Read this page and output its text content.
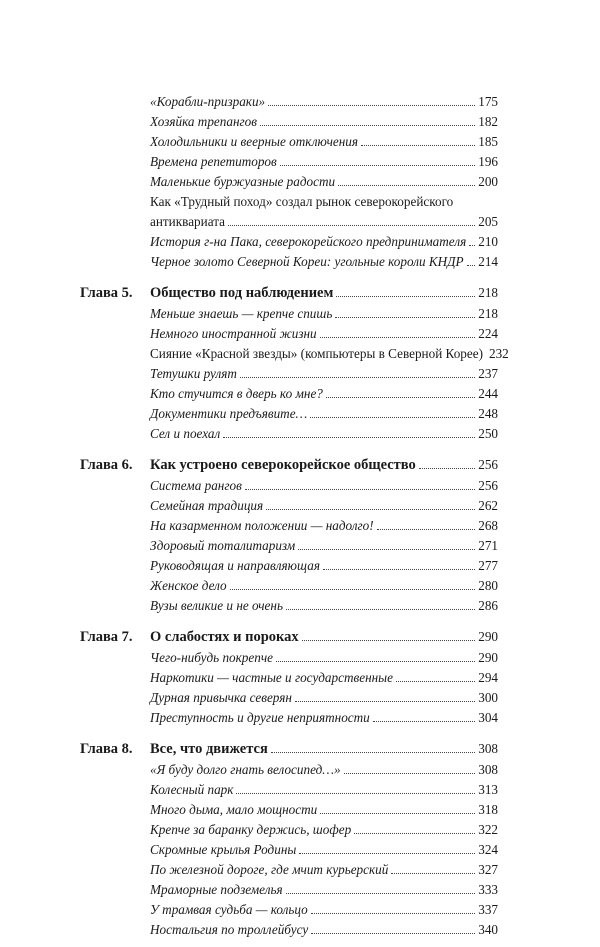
«Корабли-призраки»	175
Хозяйка трепангов	182
Холодильники и веерные отключения	185
Времена репетиторов	196
Маленькие буржуазные радости	200
Как «Трудный поход» создал рынок северокорейского
антиквариата	205
История г-на Пака, северокорейского предпринимателя 210
Черное золото Северной Кореи: угольные короли КНДР 214
Глава 5.	Общество под наблюдением	218
Меньше знаешь — крепче спишь	218
Немного иностранной жизни	224
Сияние «Красной звезды» (компьютеры в Северной Корее) 232
Тетушки рулят	237
Кто стучится в дверь ко мне?	244
Документики предъявите…	248
Сел и поехал	250
Глава 6.	Как устроено северокорейское общество	256
Система рангов	256
Семейная традиция	262
На казарменном положении — надолго!	268
Здоровый тоталитаризм	271
Руководящая и направляющая	277
Женское дело	280
Вузы великие и не очень	286
Глава 7.	О слабостях и пороках	290
Чего-нибудь покрепче	290
Наркотики — частные и государственные	294
Дурная привычка северян	300
Преступность и другие неприятности	304
Глава 8.	Все, что движется	308
«Я буду долго гнать велосипед…»	308
Колесный парк	313
Много дыма, мало мощности	318
Крепче за баранку держись, шофер	322
Скромные крылья Родины	324
По железной дороге, где мчит курьерский	327
Мраморные подземелья	333
У трамвая судьба — кольцо	337
Ностальгия по троллейбусу	340
